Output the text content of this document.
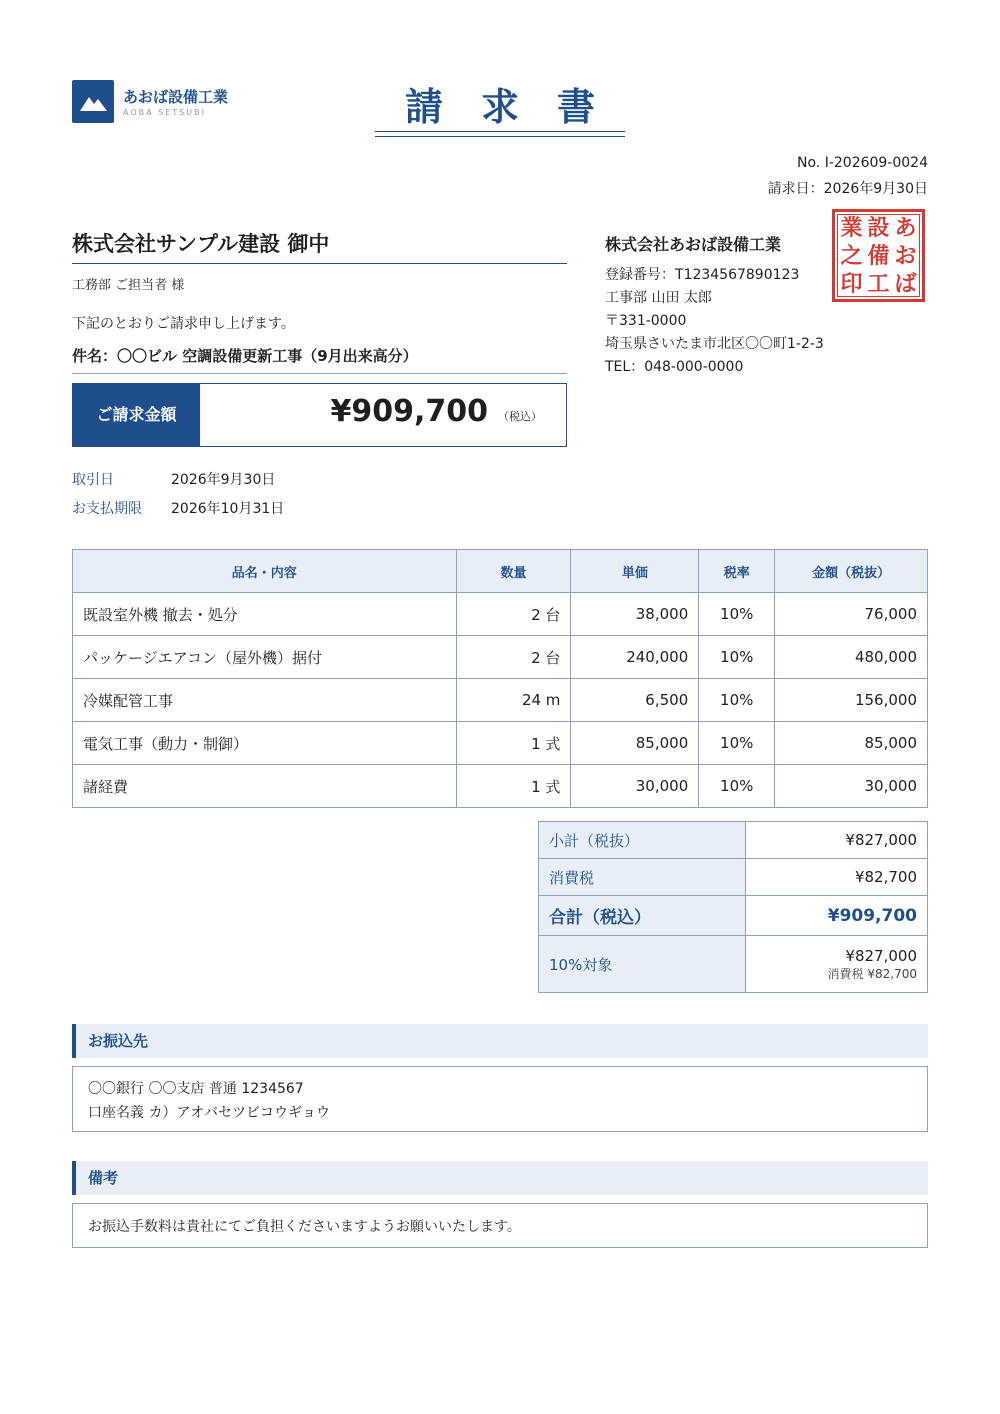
あおば設備工業
AOBA SETSUBI	請　求　書
No. I-202609-0024
請求日：2026年9月30日
株式会社サンプル建設 御中
工務部 ご担当者 様
下記のとおりご請求申し上げます。
件名：〇〇ビル 空調設備更新工事（9月出来高分）
ご請求金額	¥909,700 （税込）
取引日	2026年9月30日
お支払期限 2026年10月31日
株式会社あおば設備工業
登録番号：T1234567890123
工事部 山田 太郎
〒331-0000
埼玉県さいたま市北区〇〇町1-2-3
TEL：048-000-0000
業 設 あ
之 備 お
印 工 ば
品名・内容	数量	単価	税率	金額（税抜）
既設室外機 撤去・処分	2 台	38,000	10%	76,000
パッケージエアコン（屋外機）据付	2 台	240,000	10%	480,000
冷媒配管工事	24 m	6,500	10%	156,000
電気工事（動力・制御）	1 式	85,000	10%	85,000
諸経費	1 式	30,000	10%	30,000
小計（税抜）	¥827,000
消費税	¥82,700
合計（税込）	¥909,700
10%対象	¥827,000
消費税 ¥82,700
お振込先
〇〇銀行 〇〇支店 普通 1234567
口座名義 カ）アオバセツビコウギョウ
備考
お振込手数料は貴社にてご負担くださいますようお願いいたします。
